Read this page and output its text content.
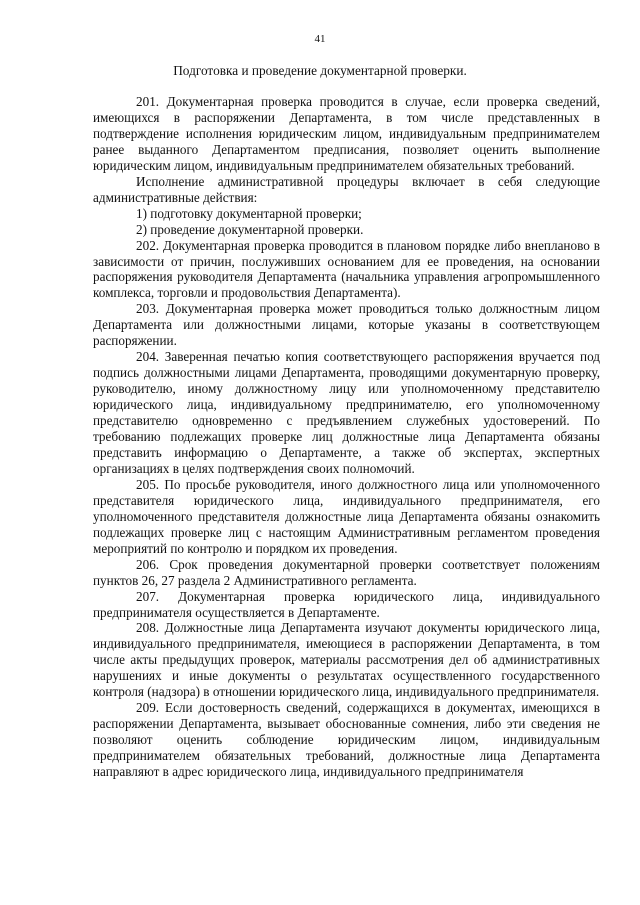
41
Подготовка и проведение документарной проверки.

201. Документарная проверка проводится в случае, если проверка сведений, имеющихся в распоряжении Департамента, в том числе представленных в подтверждение исполнения юридическим лицом, индивидуальным предпринимателем ранее выданного Департаментом предписания, позволяет оценить выполнение юридическим лицом, индивидуальным предпринимателем обязательных требований.

Исполнение административной процедуры включает в себя следующие административные действия:

1) подготовку документарной проверки;

2) проведение документарной проверки.

202. Документарная проверка проводится в плановом порядке либо внепланово в зависимости от причин, послуживших основанием для ее проведения, на основании распоряжения руководителя Департамента (начальника управления агропромышленного комплекса, торговли и продовольствия Департамента).

203. Документарная проверка может проводиться только должностным лицом Департамента или должностными лицами, которые указаны в соответствующем распоряжении.

204. Заверенная печатью копия соответствующего распоряжения вручается под подпись должностными лицами Департамента, проводящими документарную проверку, руководителю, иному должностному лицу или уполномоченному представителю юридического лица, индивидуальному предпринимателю, его уполномоченному представителю одновременно с предъявлением служебных удостоверений. По требованию подлежащих проверке лиц должностные лица Департамента обязаны представить информацию о Департаменте, а также об экспертах, экспертных организациях в целях подтверждения своих полномочий.

205. По просьбе руководителя, иного должностного лица или уполномоченного представителя юридического лица, индивидуального предпринимателя, его уполномоченного представителя должностные лица Департамента обязаны ознакомить подлежащих проверке лиц с настоящим Административным регламентом проведения мероприятий по контролю и порядком их проведения.

206. Срок проведения документарной проверки соответствует положениям пунктов 26, 27 раздела 2 Административного регламента.

207. Документарная проверка юридического лица, индивидуального предпринимателя осуществляется в Департаменте.

208. Должностные лица Департамента изучают документы юридического лица, индивидуального предпринимателя, имеющиеся в распоряжении Департамента, в том числе акты предыдущих проверок, материалы рассмотрения дел об административных нарушениях и иные документы о результатах осуществленного государственного контроля (надзора) в отношении юридического лица, индивидуального предпринимателя.

209. Если достоверность сведений, содержащихся в документах, имеющихся в распоряжении Департамента, вызывает обоснованные сомнения, либо эти сведения не позволяют оценить соблюдение юридическим лицом, индивидуальным предпринимателем обязательных требований, должностные лица Департамента направляют в адрес юридического лица, индивидуального предпринимателя
